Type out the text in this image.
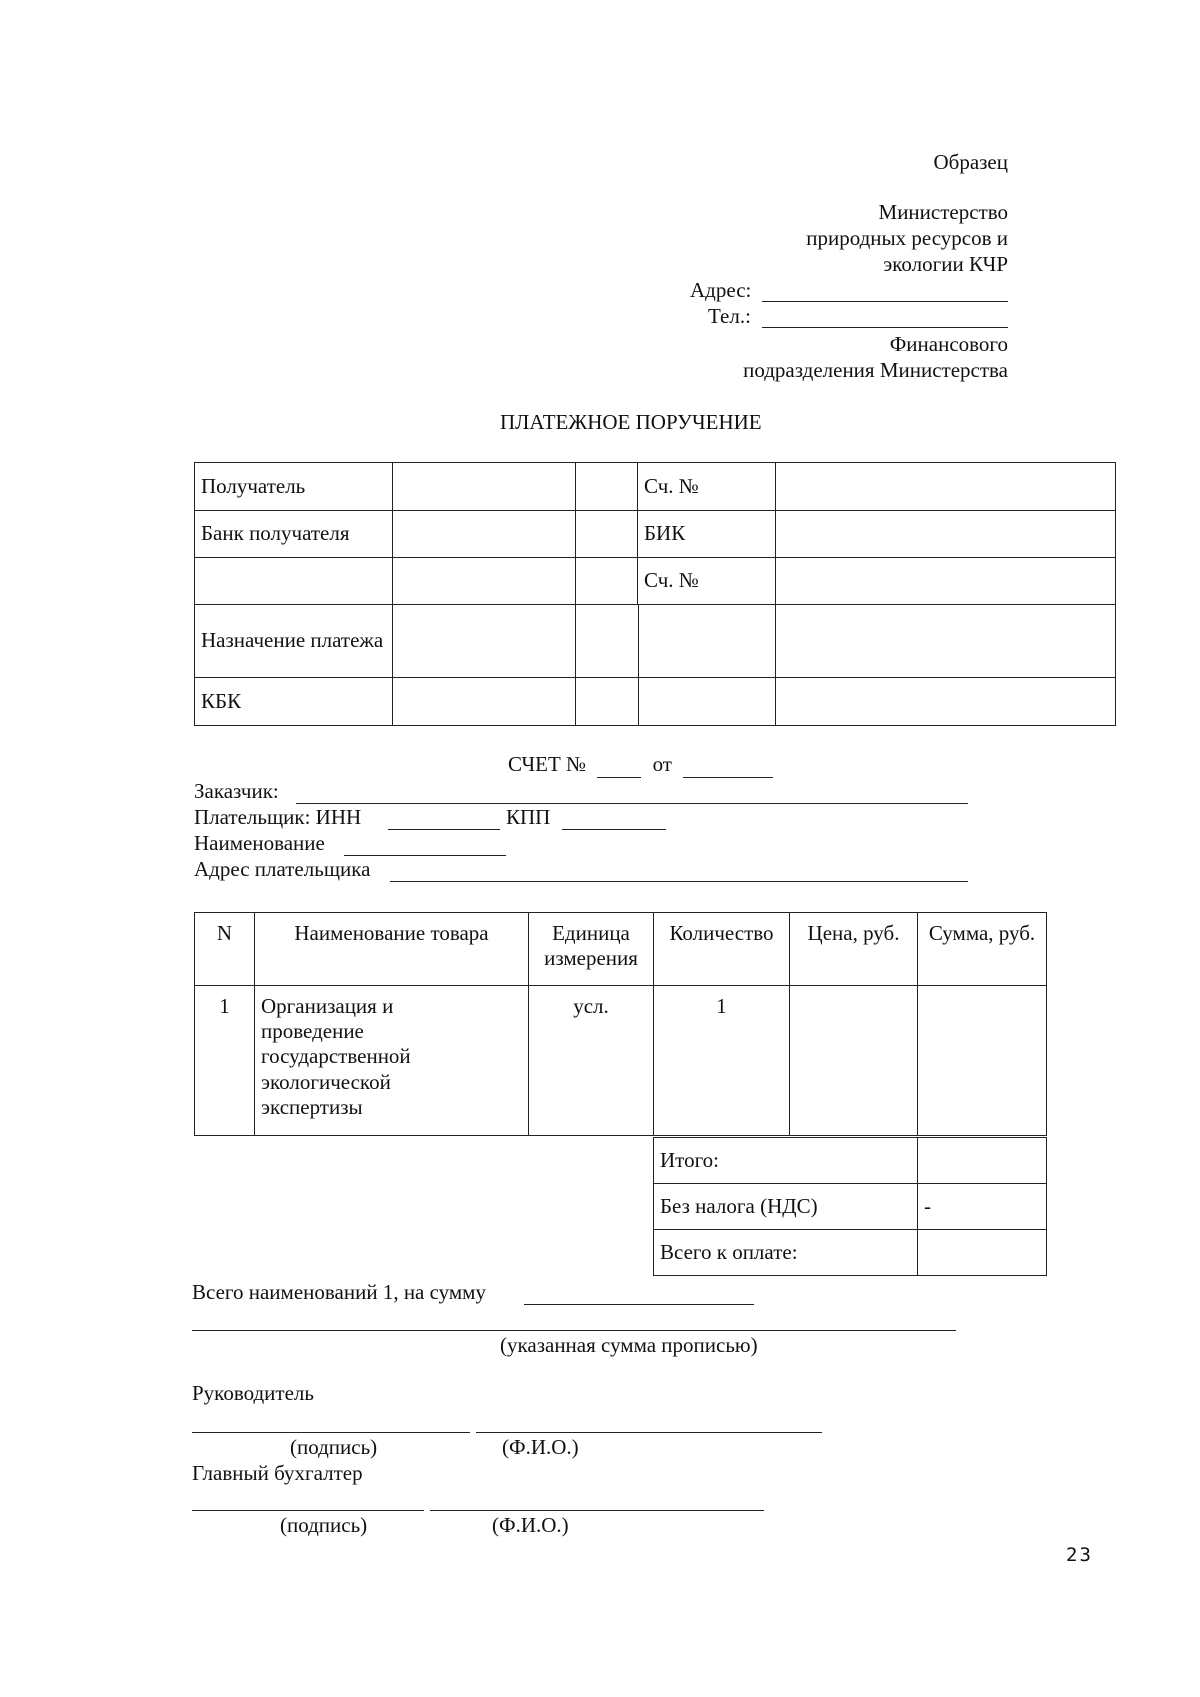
Образец
Министерство
природных ресурсов и
экологии КЧР
Адрес:
Тел.:
Финансового
подразделения Министерства
ПЛАТЕЖНОЕ ПОРУЧЕНИЕ
Получатель			Сч. №	
Банк получателя			БИК	
			Сч. №	
Назначение платежа			

КБК			

СЧЕТ №	от
Заказчик:
Плательщик: ИНН	КПП
Наименование
Адрес плательщика
N	Наименование товара	Единица измерения	Количество	Цена, руб.	Сумма, руб.
1	Организация и проведение государственной экологической экспертизы	усл.	1		
Итого:	
Без налога (НДС)	-
Всего к оплате:	
Всего наименований 1, на сумму
(указанная сумма прописью)
Руководитель
(подпись)	(Ф.И.О.)
Главный бухгалтер
(подпись)	(Ф.И.О.)
23
